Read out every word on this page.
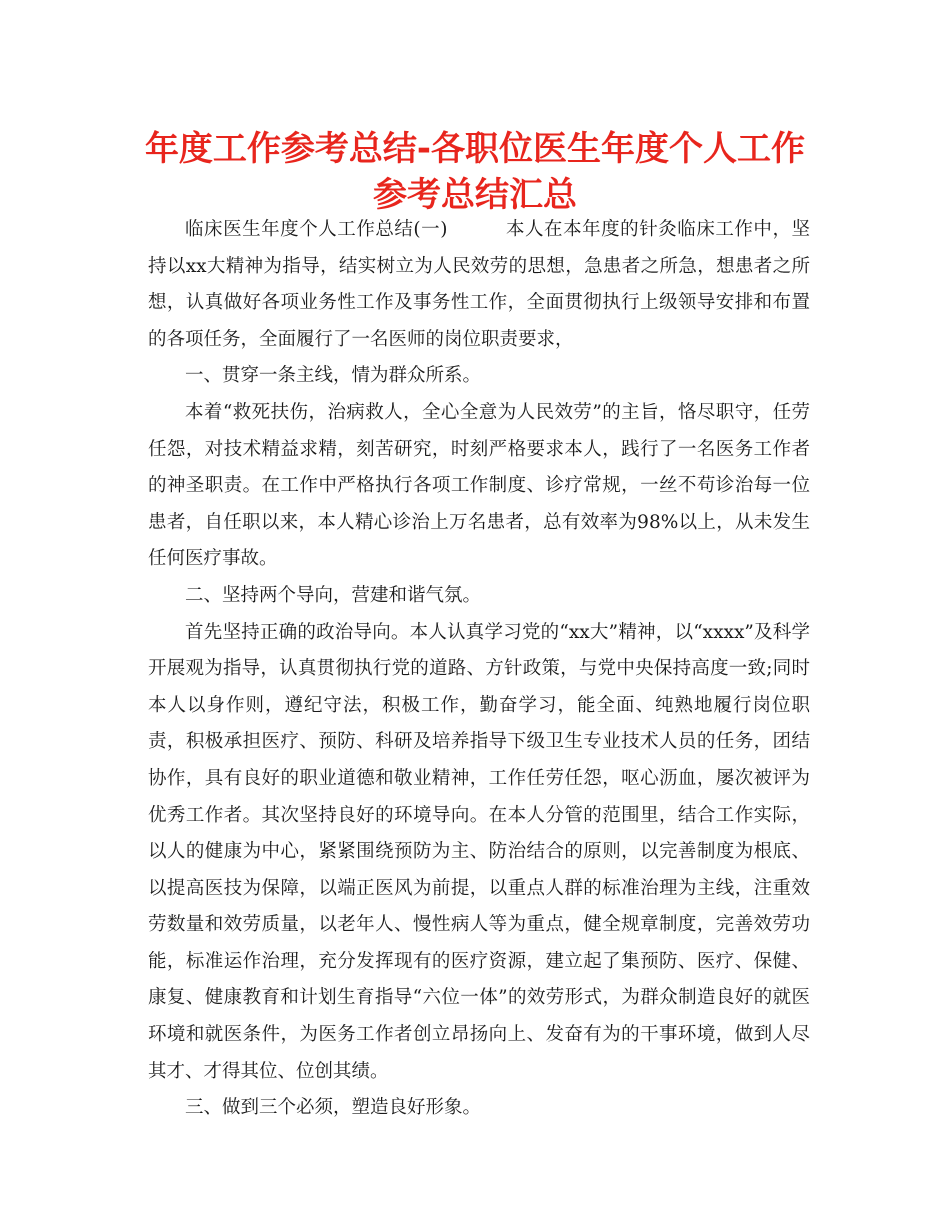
年度工作参考总结-各职位医生年度个人工作参考总结汇总

临床医生年度个人工作总结(一)	本人在本年度的针灸临床工作中，坚持以xx大精神为指导，结实树立为人民效劳的思想，急患者之所急，想患者之所想，认真做好各项业务性工作及事务性工作，全面贯彻执行上级领导安排和布置的各项任务，全面履行了一名医师的岗位职责要求，

一、贯穿一条主线，情为群众所系。

本着“救死扶伤，治病救人，全心全意为人民效劳”的主旨，恪尽职守，任劳任怨，对技术精益求精，刻苦研究，时刻严格要求本人，践行了一名医务工作者的神圣职责。在工作中严格执行各项工作制度、诊疗常规，一丝不苟诊治每一位患者，自任职以来，本人精心诊治上万名患者，总有效率为98%以上，从未发生任何医疗事故。

二、坚持两个导向，营建和谐气氛。

首先坚持正确的政治导向。本人认真学习党的“xx大”精神，以“xxxx”及科学开展观为指导，认真贯彻执行党的道路、方针政策，与党中央保持高度一致;同时本人以身作则，遵纪守法，积极工作，勤奋学习，能全面、纯熟地履行岗位职责，积极承担医疗、预防、科研及培养指导下级卫生专业技术人员的任务，团结协作，具有良好的职业道德和敬业精神，工作任劳任怨，呕心沥血，屡次被评为优秀工作者。其次坚持良好的环境导向。在本人分管的范围里，结合工作实际，以人的健康为中心，紧紧围绕预防为主、防治结合的原则，以完善制度为根底、以提高医技为保障，以端正医风为前提，以重点人群的标准治理为主线，注重效劳数量和效劳质量，以老年人、慢性病人等为重点，健全规章制度，完善效劳功能，标准运作治理，充分发挥现有的医疗资源，建立起了集预防、医疗、保健、康复、健康教育和计划生育指导“六位一体”的效劳形式，为群众制造良好的就医环境和就医条件，为医务工作者创立昂扬向上、发奋有为的干事环境，做到人尽其才、才得其位、位创其绩。

三、做到三个必须，塑造良好形象。
